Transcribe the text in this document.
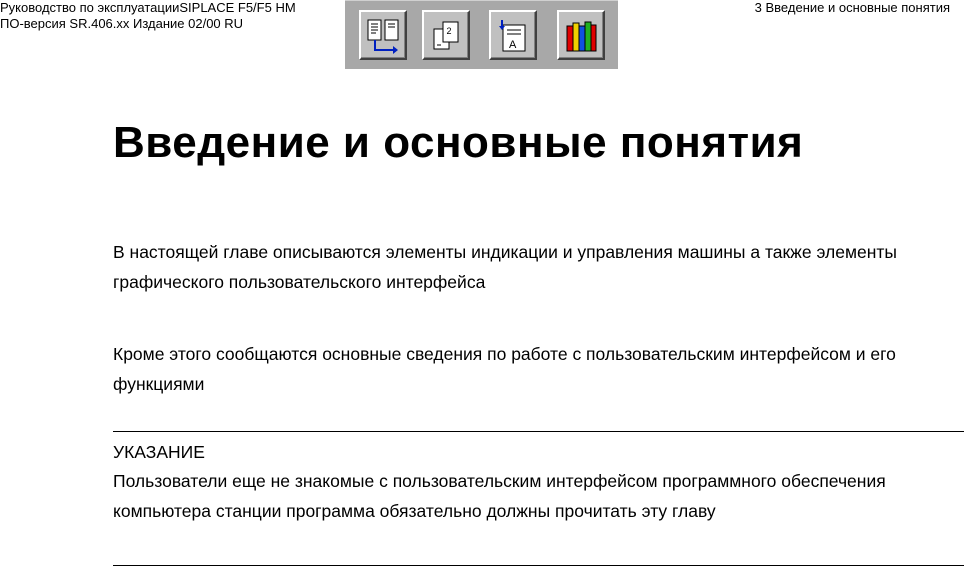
Руководство по эксплуатацииSIPLACE F5/F5 HM
ПО-версия SR.406.xx Издание 02/00 RU
3 Введение и основные понятия
2
A
Введение и основные понятия

В настоящей главе описываются элементы индикации и управления машины а также элементы графического пользовательского интерфейса

Кроме этого сообщаются основные сведения по работе с пользовательским интерфейсом и его функциями

УКАЗАНИЕ

Пользователи еще не знакомые с пользовательским интерфейсом программного обеспечения компьютера станции программа обязательно должны прочитать эту главу
